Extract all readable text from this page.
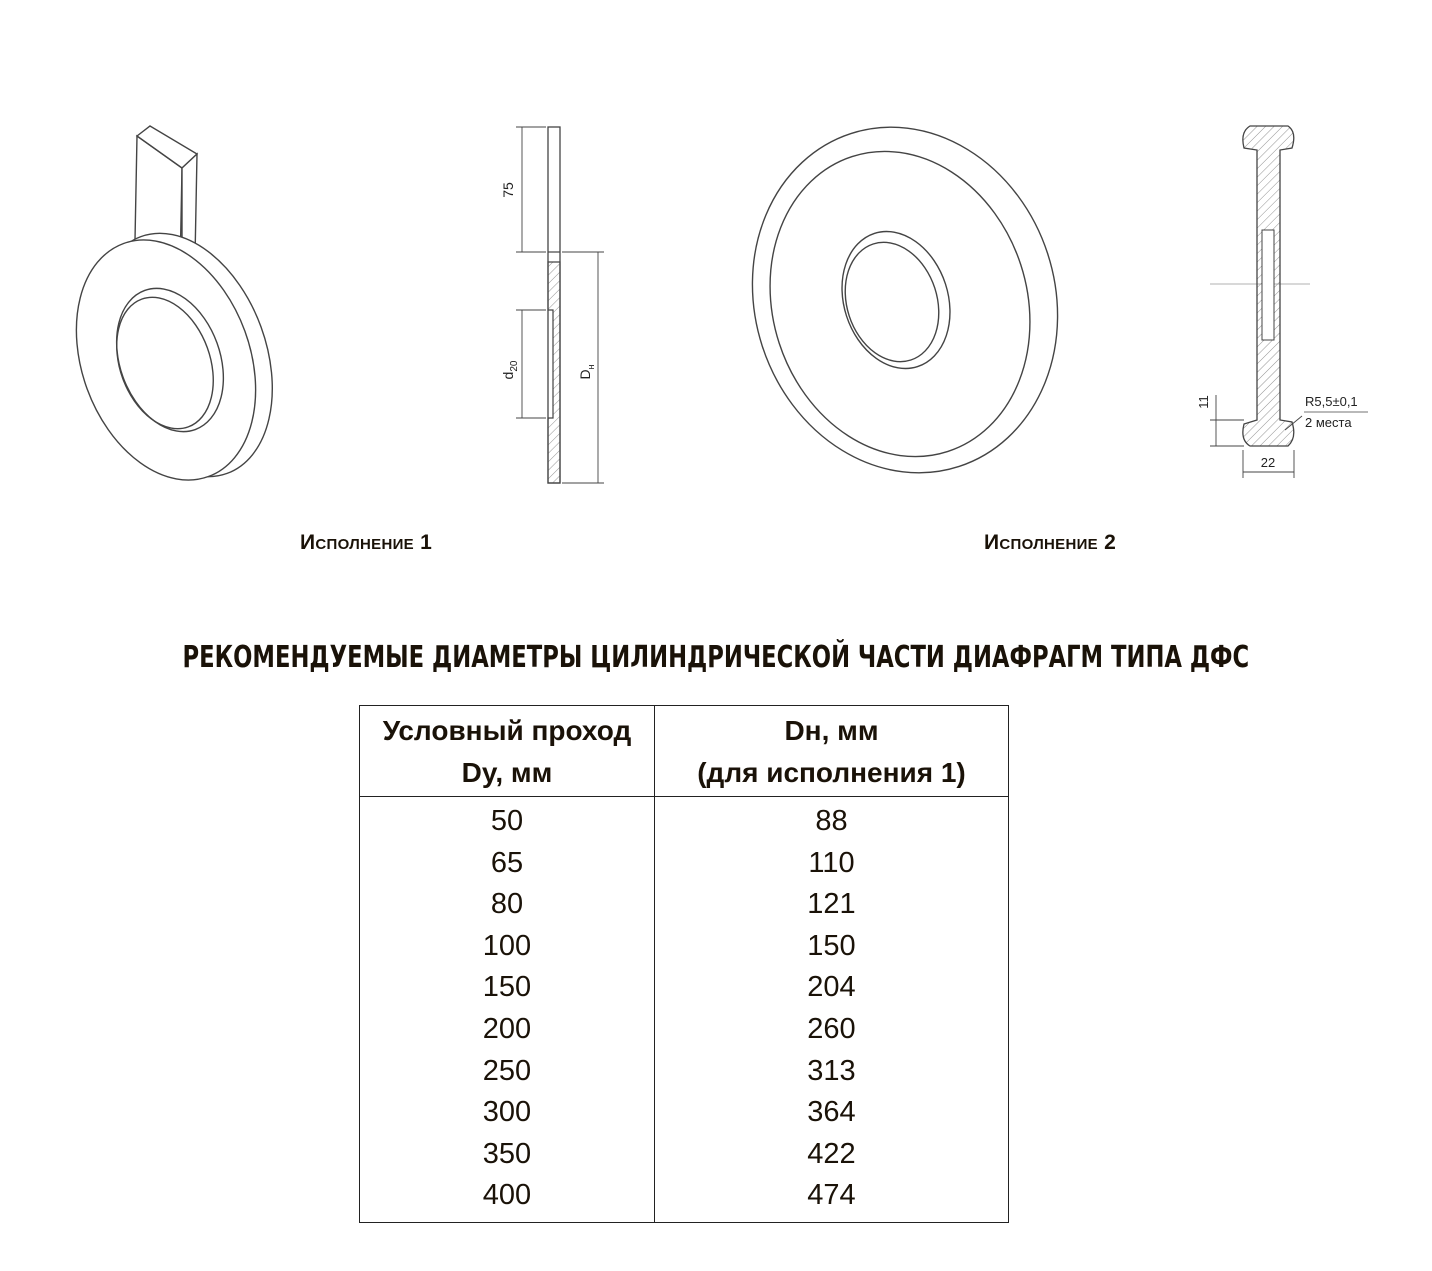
75
$d_{20}$
$D_н$
11
22
R5,5±0,1
2 места
Исполнение 1	Исполнение 2
РЕКОМЕНДУЕМЫЕ ДИАМЕТРЫ ЦИЛИНДРИЧЕСКОЙ ЧАСТИ ДИАФРАГМ ТИПА ДФС
Условный проход
Dy, мм	Dн, мм
(для исполнения 1)

50	88
65	110
80	121
100	150
150	204
200	260
250	313
300	364
350	422
400	474
